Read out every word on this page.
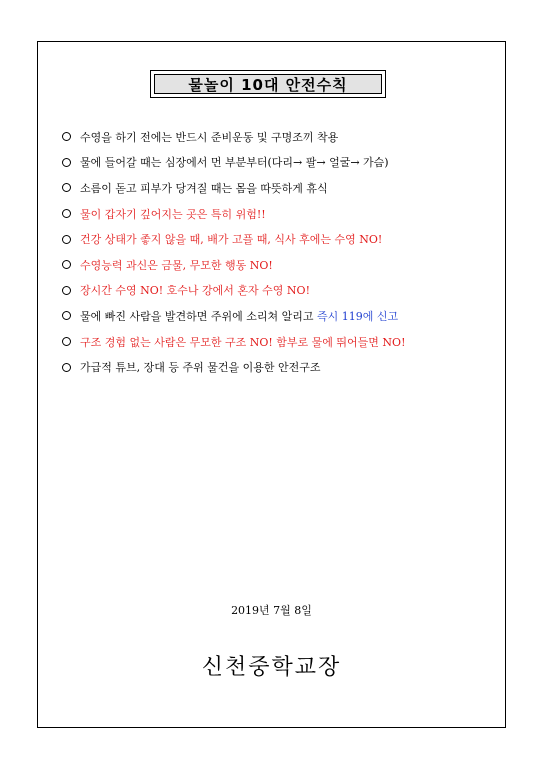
물놀이 10대 안전수칙
수영을 하기 전에는 반드시 준비운동 및 구명조끼 착용
물에 들어갈 때는 심장에서 먼 부분부터(다리→ 팔→ 얼굴→ 가슴)
소름이 돋고 피부가 당겨질 때는 몸을 따뜻하게 휴식
물이 갑자기 깊어지는 곳은 특히 위험!!
건강 상태가 좋지 않을 때, 배가 고플 때, 식사 후에는 수영 NO!
수영능력 과신은 금물, 무모한 행동 NO!
장시간 수영 NO! 호수나 강에서 혼자 수영 NO!
물에 빠진 사람을 발견하면 주위에 소리쳐 알리고 즉시 119에 신고
구조 경험 없는 사람은 무모한 구조 NO! 함부로 물에 뛰어들면 NO!
가급적 튜브, 장대 등 주위 물건을 이용한 안전구조
2019년 7월 8일
신천중학교장
